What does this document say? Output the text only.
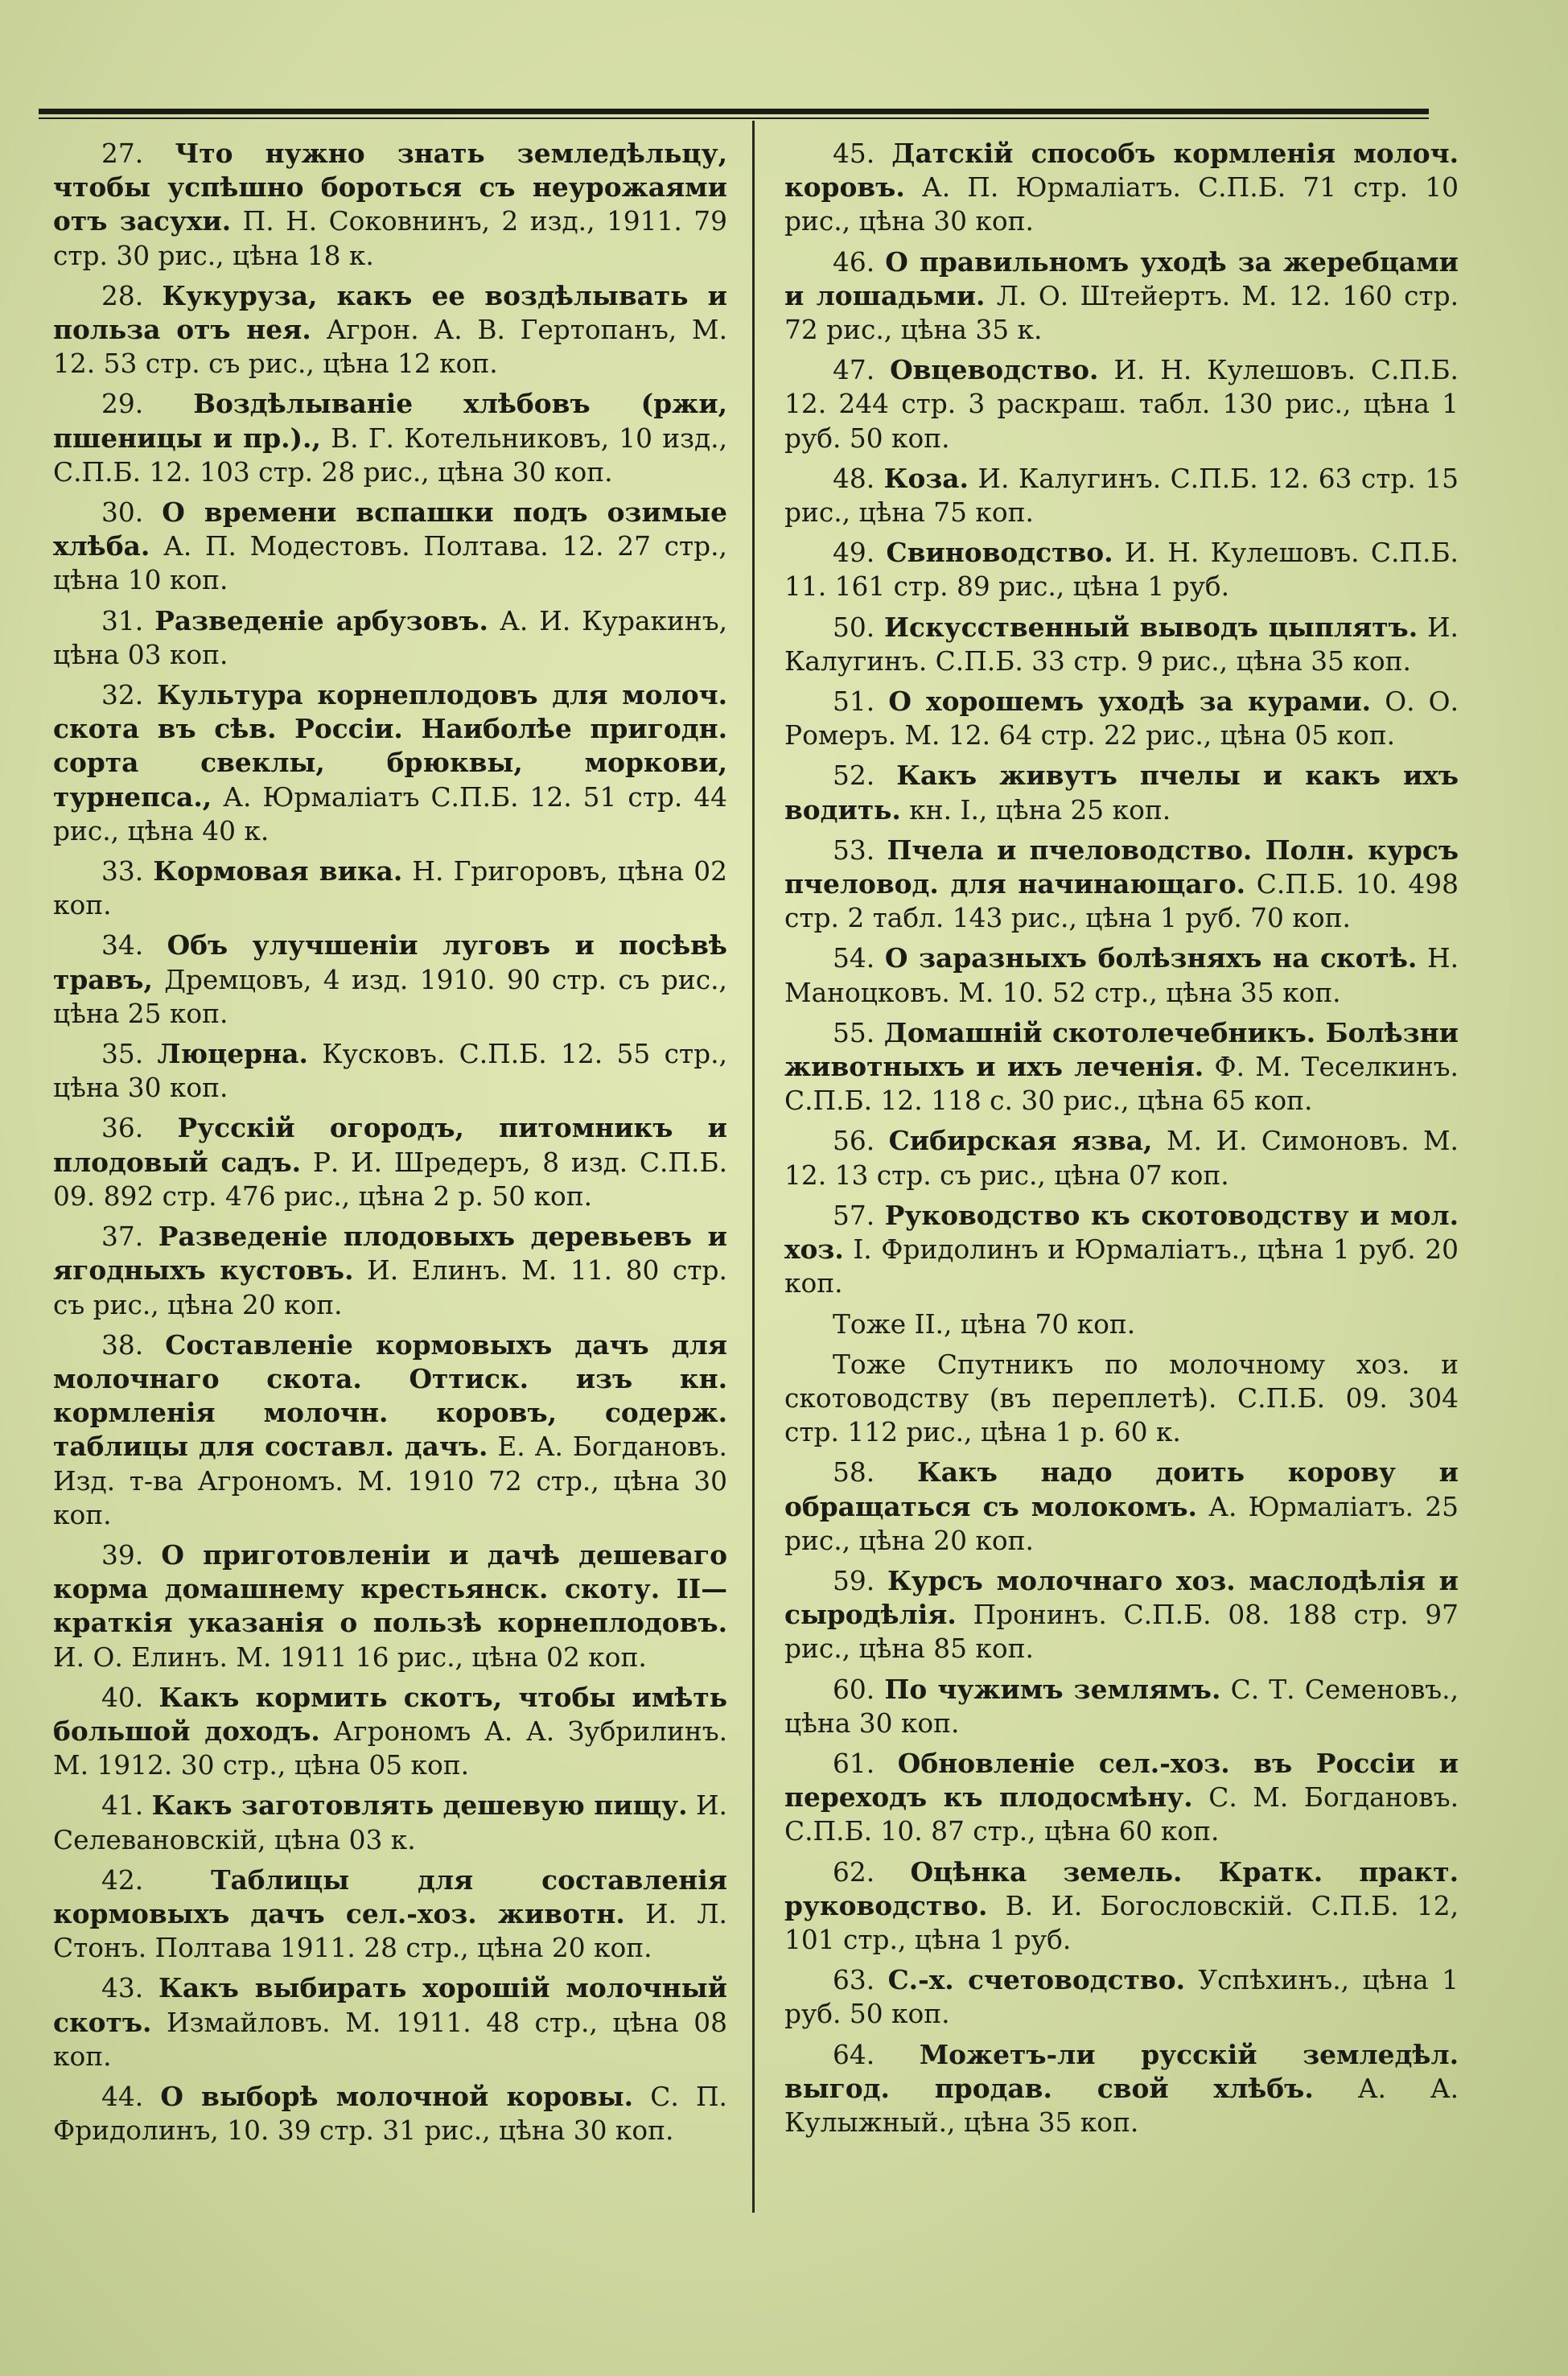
27. Что нужно знать земледѣльцу, чтобы успѣшно бороться съ неурожаями отъ засухи. П. Н. Соковнинъ, 2 изд., 1911. 79 стр. 30 рис., цѣна 18 к.

28. Кукуруза, какъ ее воздѣлывать и польза отъ нея. Агрон. А. В. Гертопанъ, М. 12. 53 стр. съ рис., цѣна 12 коп.

29. Воздѣлываніе хлѣбовъ (ржи, пшеницы и пр.)., В. Г. Котельниковъ, 10 изд., С.П.Б. 12. 103 стр. 28 рис., цѣна 30 коп.

30. О времени вспашки подъ озимые хлѣба. А. П. Модестовъ. Полтава. 12. 27 стр., цѣна 10 коп.

31. Разведеніе арбузовъ. А. И. Куракинъ, цѣна 03 коп.

32. Культура корнеплодовъ для молоч. скота въ сѣв. Россіи. Наиболѣе пригодн. сорта свеклы, брюквы, моркови, турнепса., А. Юрмаліатъ С.П.Б. 12. 51 стр. 44 рис., цѣна 40 к.

33. Кормовая вика. Н. Григоровъ, цѣна 02 коп.

34. Объ улучшеніи луговъ и посѣвѣ травъ, Дремцовъ, 4 изд. 1910. 90 стр. съ рис., цѣна 25 коп.

35. Люцерна. Кусковъ. С.П.Б. 12. 55 стр., цѣна 30 коп.

36. Русскій огородъ, питомникъ и плодовый садъ. Р. И. Шредеръ, 8 изд. С.П.Б. 09. 892 стр. 476 рис., цѣна 2 р. 50 коп.

37. Разведеніе плодовыхъ деревьевъ и ягодныхъ кустовъ. И. Елинъ. М. 11. 80 стр. съ рис., цѣна 20 коп.

38. Составленіе кормовыхъ дачъ для молочнаго скота. Оттиск. изъ кн. кормленія молочн. коровъ, содерж. таблицы для составл. дачъ. Е. А. Богдановъ. Изд. т-ва Агрономъ. М. 1910 72 стр., цѣна 30 коп.

39. О приготовленіи и дачѣ дешеваго корма домашнему крестьянск. скоту. II—краткія указанія о пользѣ корнеплодовъ. И. О. Елинъ. М. 1911 16 рис., цѣна 02 коп.

40. Какъ кормить скотъ, чтобы имѣть большой доходъ. Агрономъ А. А. Зубрилинъ. М. 1912. 30 стр., цѣна 05 коп.

41. Какъ заготовлять дешевую пищу. И. Селевановскій, цѣна 03 к.

42.	Таблицы для составленія кормовыхъ дачъ сел.-хоз. животн. И. Л. Стонъ. Полтава 1911. 28 стр., цѣна 20 коп.

43. Какъ выбирать хорошій молочный скотъ. Измайловъ. М. 1911. 48 стр., цѣна 08 коп.

44. О выборѣ молочной коровы. С. П. Фридолинъ, 10. 39 стр. 31 рис., цѣна 30 коп.

45. Датскій способъ кормленія молоч. коровъ. А. П. Юрмаліатъ. С.П.Б. 71 стр. 10 рис., цѣна 30 коп.

46. О правильномъ уходѣ за жеребцами и лошадьми. Л. О. Штейертъ. М. 12. 160 стр. 72 рис., цѣна 35 к.

47. Овцеводство. И. Н. Кулешовъ. С.П.Б. 12. 244 стр. 3 раскраш. табл. 130 рис., цѣна 1 руб. 50 коп.

48. Коза. И. Калугинъ. С.П.Б. 12. 63 стр. 15 рис., цѣна 75 коп.

49. Свиноводство. И. Н. Кулешовъ. С.П.Б. 11. 161 стр. 89 рис., цѣна 1 руб.

50. Искусственный выводъ цыплятъ. И. Калугинъ. С.П.Б. 33 стр. 9 рис., цѣна 35 коп.

51. О хорошемъ уходѣ за курами. О. О. Ромеръ. М. 12. 64 стр. 22 рис., цѣна 05 коп.

52. Какъ живутъ пчелы и какъ ихъ водить. кн. I., цѣна 25 коп.

53. Пчела и пчеловодство. Полн. курсъ пчеловод. для начинающаго. С.П.Б. 10. 498 стр. 2 табл. 143 рис., цѣна 1 руб. 70 коп.

54. О заразныхъ болѣзняхъ на скотѣ. Н. Маноцковъ. М. 10. 52 стр., цѣна 35 коп.

55. Домашній скотолечебникъ. Болѣзни животныхъ и ихъ леченія. Ф. М. Теселкинъ. С.П.Б. 12. 118 с. 30 рис., цѣна 65 коп.

56. Сибирская язва, М. И. Симоновъ. М. 12. 13 стр. съ рис., цѣна 07 коп.

57. Руководство къ скотоводству и мол. хоз. I. Фридолинъ и Юрмаліатъ., цѣна 1 руб. 20 коп.

Тоже II., цѣна 70 коп.

Тоже Спутникъ по молочному хоз. и скотоводству (въ переплетѣ). С.П.Б. 09. 304 стр. 112 рис., цѣна 1 р. 60 к.

58. Какъ надо доить корову и обращаться съ молокомъ. А. Юрмаліатъ. 25 рис., цѣна 20 коп.

59. Курсъ молочнаго хоз. маслодѣлія и сыродѣлія. Пронинъ. С.П.Б. 08. 188 стр. 97 рис., цѣна 85 коп.

60. По чужимъ землямъ. С. Т. Семеновъ., цѣна 30 коп.

61. Обновленіе сел.-хоз. въ Россіи и переходъ къ плодосмѣну. С. М. Богдановъ. С.П.Б. 10. 87 стр., цѣна 60 коп.

62. Оцѣнка земель. Кратк. практ. руководство. В. И. Богословскій. С.П.Б. 12, 101 стр., цѣна 1 руб.

63. С.-х. счетоводство. Успѣхинъ., цѣна 1 руб. 50 коп.

64. Можетъ-ли русскій земледѣл. выгод. продав. свой хлѣбъ. А. А. Кулыжный., цѣна 35 коп.
